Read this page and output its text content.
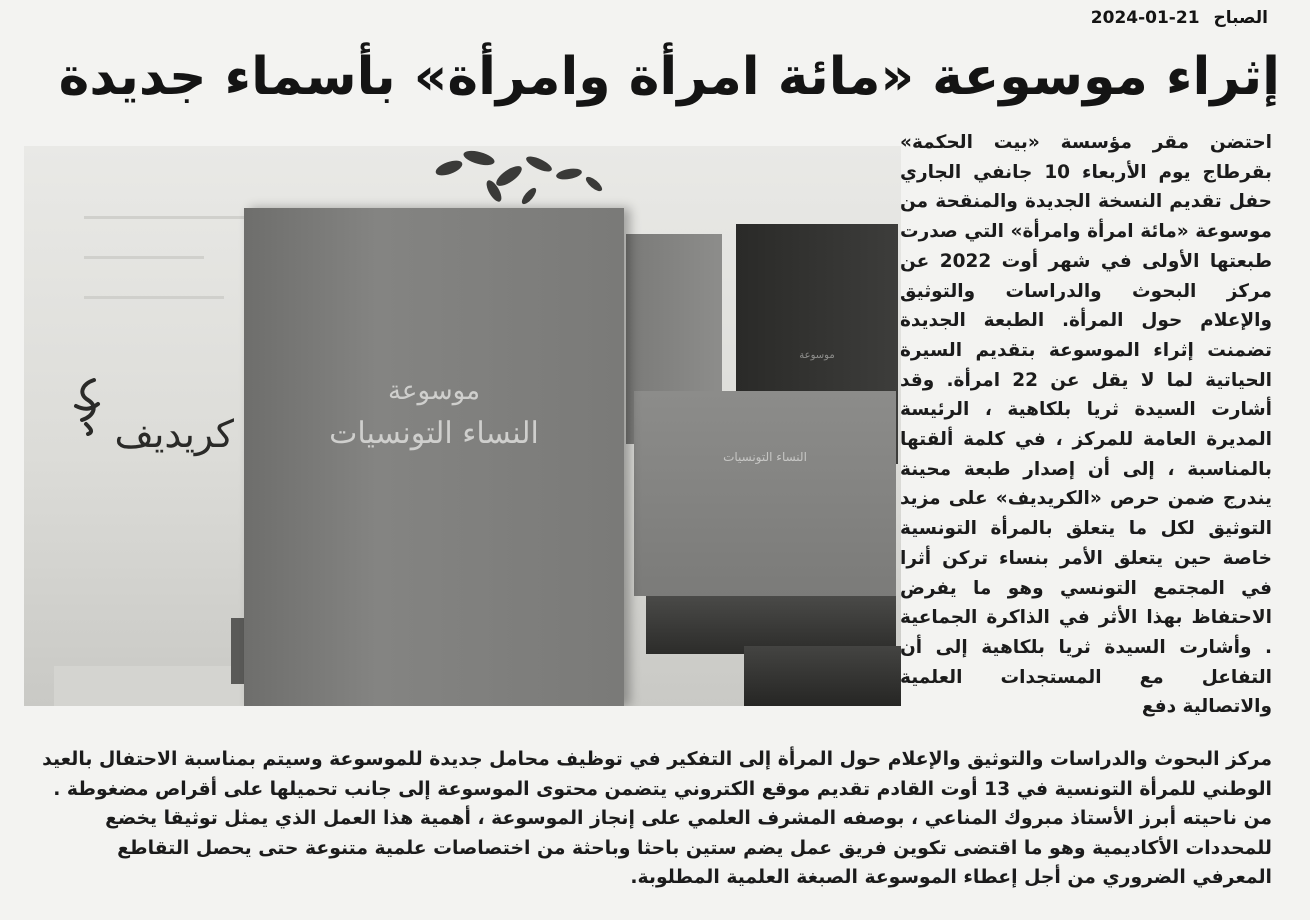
الصباح 2024-01-21
إثراء موسوعة «مائة امرأة وامرأة» بأسماء جديدة
موسوعة
النساء التونسيات
موسوعة
النساء التونسيات
كريديف

احتضن مقر مؤسسة «بيت الحكمة» بقرطاج يوم الأربعاء 10 جانفي الجاري حفل تقديم النسخة الجديدة والمنقحة من موسوعة «مائة امرأة وامرأة» التي صدرت طبعتها الأولى في شهر أوت 2022 عن مركز البحوث والدراسات والتوثيق والإعلام حول المرأة. الطبعة الجديدة تضمنت إثراء الموسوعة بتقديم السيرة الحياتية لما لا يقل عن 22 امرأة. وقد أشارت السيدة ثريا بلكاهية ، الرئيسة المديرة العامة للمركز ، في كلمة ألقتها بالمناسبة ، إلى أن إصدار طبعة محينة يندرج ضمن حرص «الكريديف» على مزيد التوثيق لكل ما يتعلق بالمرأة التونسية خاصة حين يتعلق الأمر بنساء تركن أثرا في المجتمع التونسي وهو ما يفرض الاحتفاظ بهذا الأثر في الذاكرة الجماعية . وأشارت السيدة ثريا بلكاهية إلى أن التفاعل مع المستجدات العلمية والاتصالية دفع

مركز البحوث والدراسات والتوثيق والإعلام حول المرأة إلى التفكير في توظيف محامل جديدة للموسوعة وسيتم بمناسبة الاحتفال بالعيد
الوطني للمرأة التونسية في 13 أوت القادم تقديم موقع الكتروني يتضمن محتوى الموسوعة إلى جانب تحميلها على أقراص مضغوطة .
من ناحيته أبرز الأستاذ مبروك المناعي ، بوصفه المشرف العلمي على إنجاز الموسوعة ، أهمية هذا العمل الذي يمثل توثيقا يخضع
للمحددات الأكاديمية وهو ما اقتضى تكوين فريق عمل يضم ستين باحثا وباحثة من اختصاصات علمية متنوعة حتى يحصل التقاطع
المعرفي الضروري من أجل إعطاء الموسوعة الصبغة العلمية المطلوبة.
